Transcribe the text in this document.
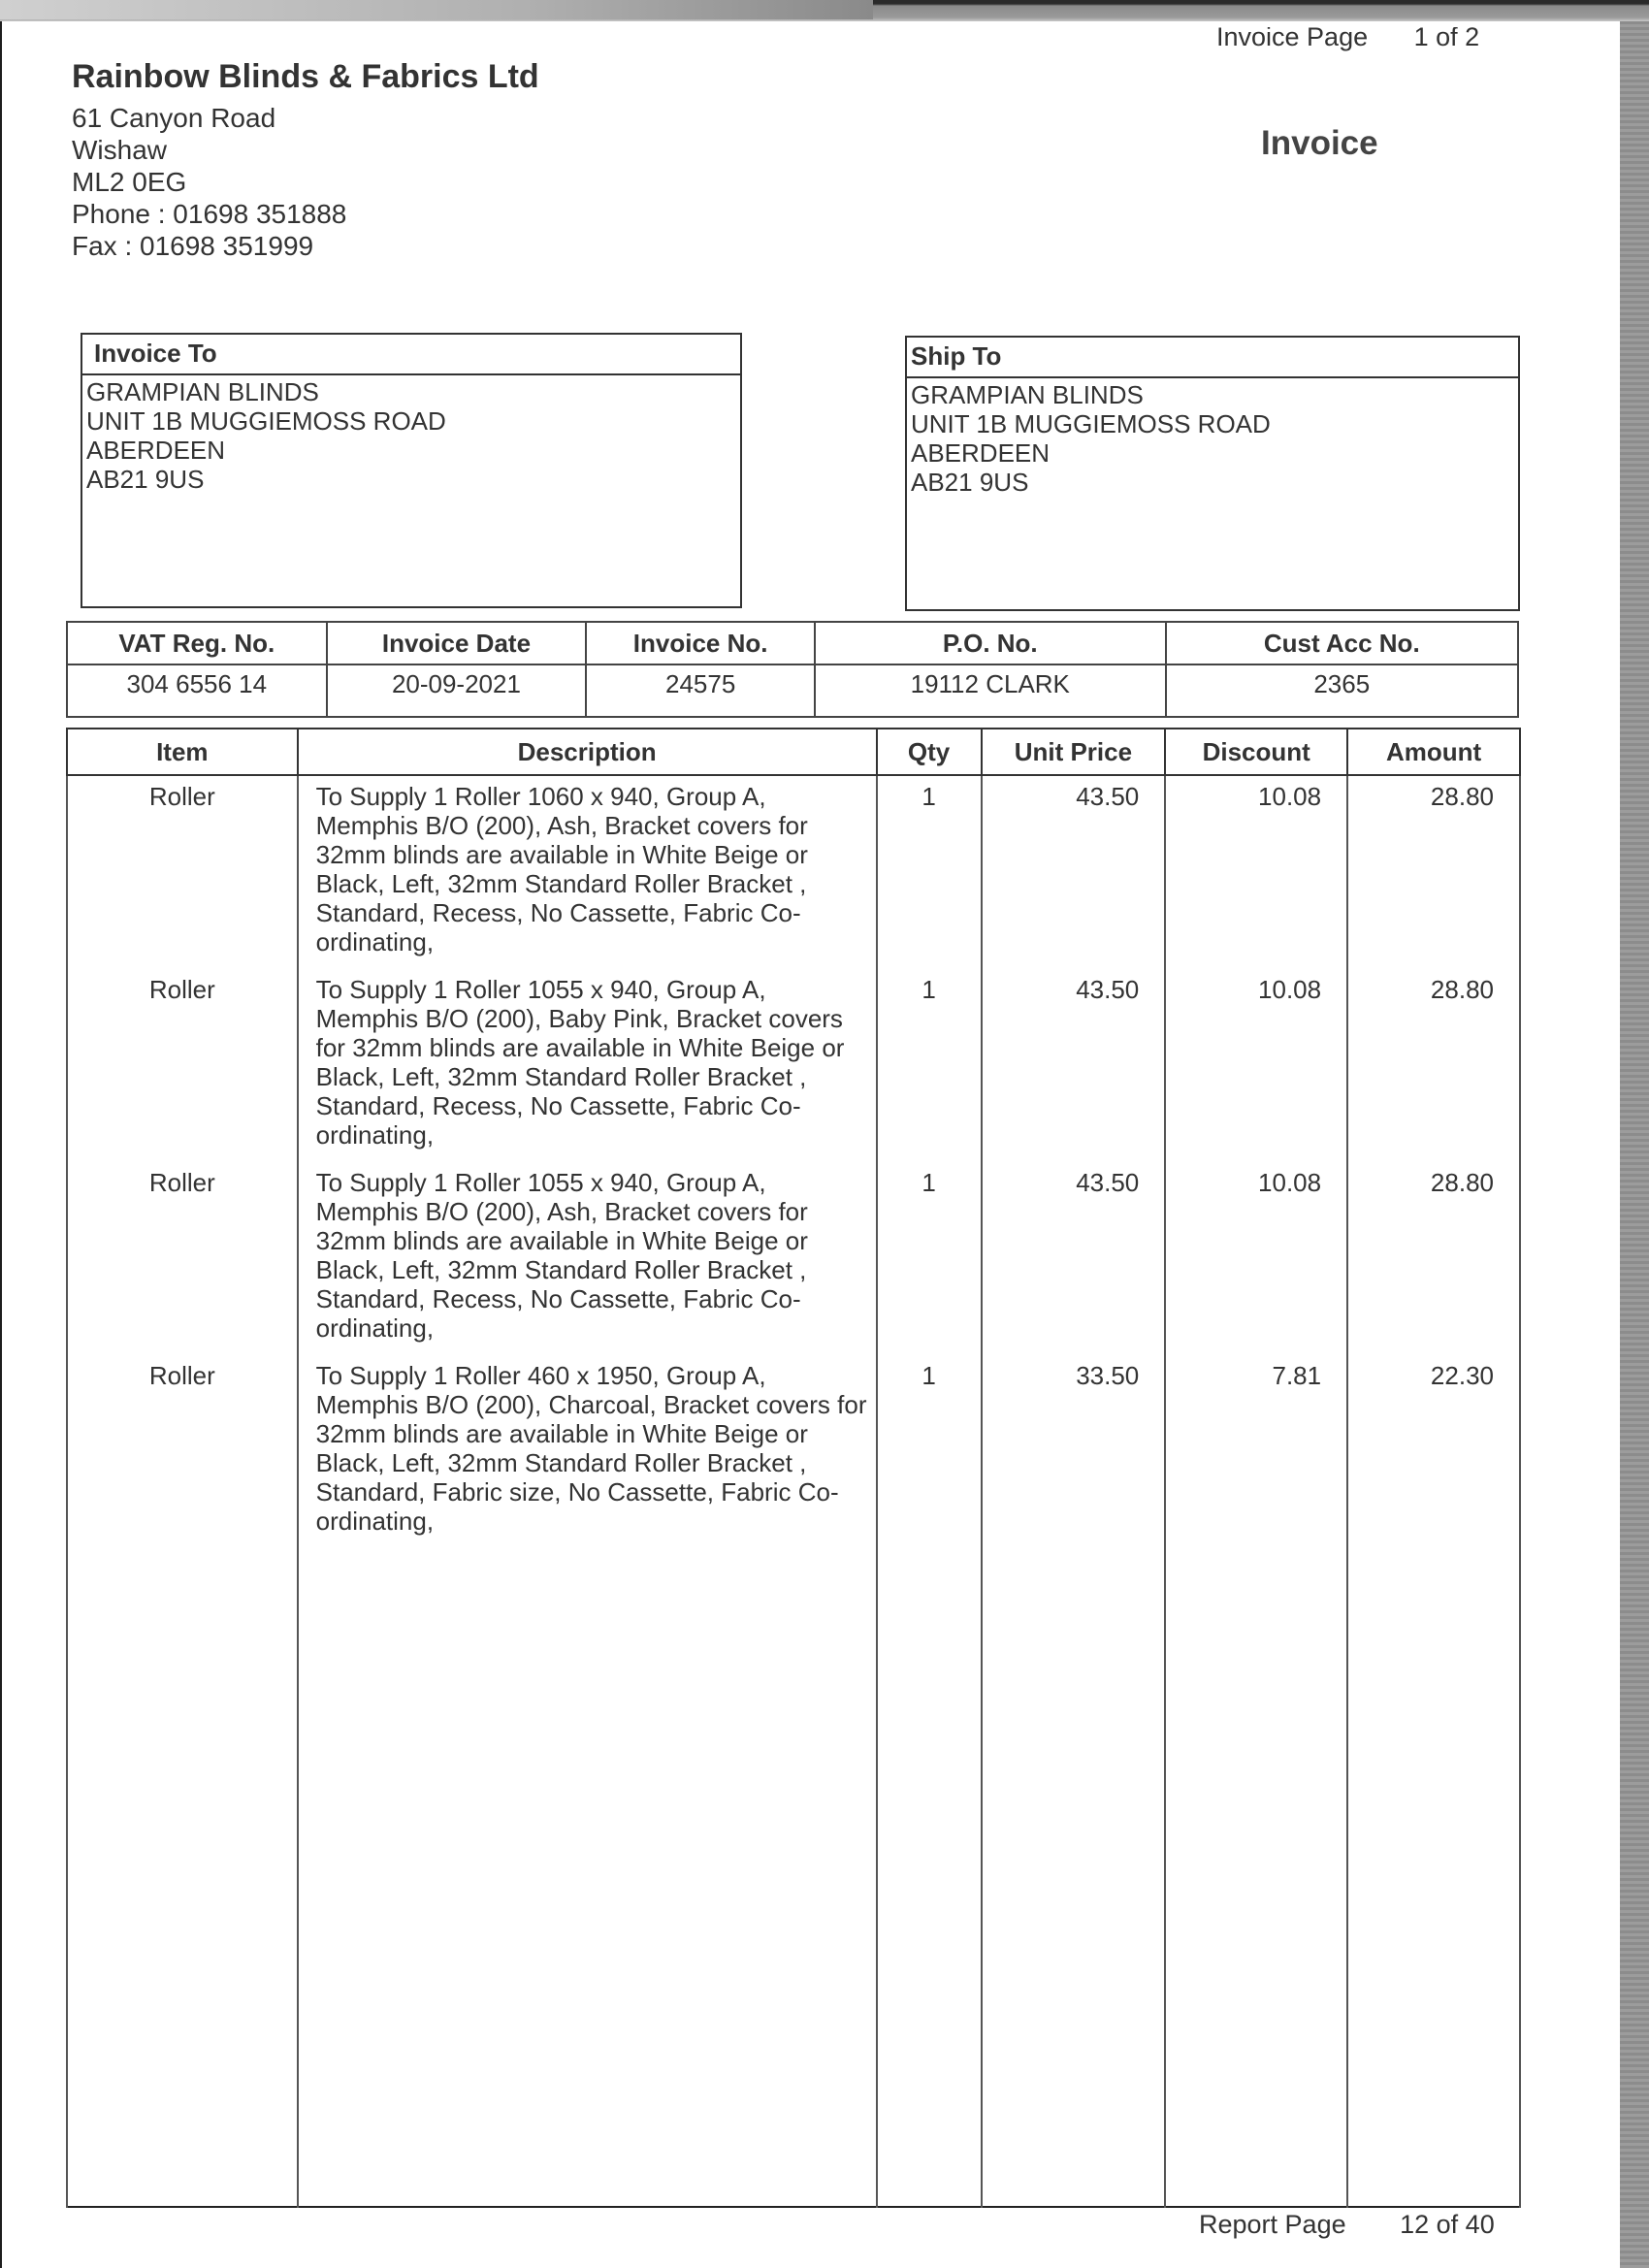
Invoice Page 1 of 2
Rainbow Blinds & Fabrics Ltd
61 Canyon Road
Wishaw
ML2 0EG
Phone : 01698 351888
Fax : 01698 351999
Invoice
Invoice To
GRAMPIAN BLINDS
UNIT 1B MUGGIEMOSS ROAD
ABERDEEN
AB21 9US
Ship To
GRAMPIAN BLINDS
UNIT 1B MUGGIEMOSS ROAD
ABERDEEN
AB21 9US
VAT Reg. No.	Invoice Date	Invoice No.	P.O. No.	Cust Acc No.
304 6556 14	20-09-2021	24575	19112 CLARK	2365
Item	Description	Qty	Unit Price	Discount	Amount
Roller	To Supply 1 Roller 1060 x 940, Group A, Memphis B/O (200), Ash, Bracket covers for 32mm blinds are available in White Beige or Black, Left, 32mm Standard Roller Bracket , Standard, Recess, No Cassette, Fabric Co-ordinating,	1	43.50	10.08	28.80
Roller	To Supply 1 Roller 1055 x 940, Group A, Memphis B/O (200), Baby Pink, Bracket covers for 32mm blinds are available in White Beige or Black, Left, 32mm Standard Roller Bracket , Standard, Recess, No Cassette, Fabric Co-ordinating,	1	43.50	10.08	28.80
Roller	To Supply 1 Roller 1055 x 940, Group A, Memphis B/O (200), Ash, Bracket covers for 32mm blinds are available in White Beige or Black, Left, 32mm Standard Roller Bracket , Standard, Recess, No Cassette, Fabric Co-ordinating,	1	43.50	10.08	28.80
Roller	To Supply 1 Roller 460 x 1950, Group A, Memphis B/O (200), Charcoal, Bracket covers for 32mm blinds are available in White Beige or Black, Left, 32mm Standard Roller Bracket , Standard, Fabric size, No Cassette, Fabric Co-ordinating,	1	33.50	7.81	22.30

Report Page 12 of 40
